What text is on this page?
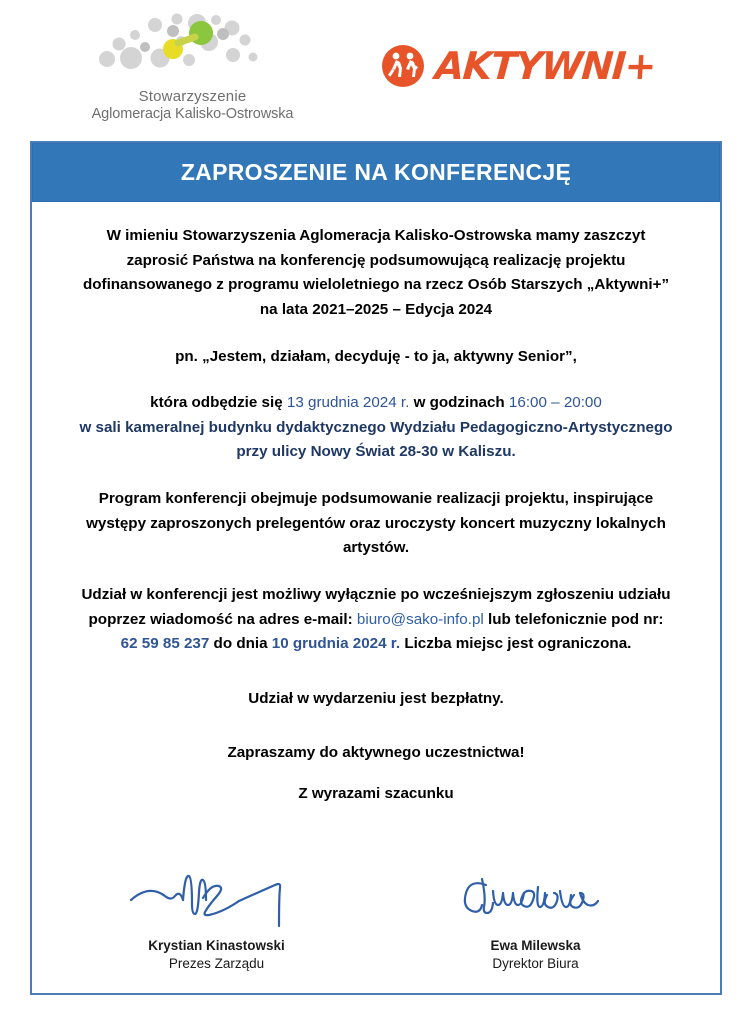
Stowarzyszenie
Aglomeracja Kalisko-Ostrowska
AKTYWNI+
ZAPROSZENIE NA KONFERENCJĘ

W imieniu Stowarzyszenia Aglomeracja Kalisko-Ostrowska mamy zaszczyt
zaprosić Państwa na konferencję podsumowującą realizację projektu
dofinansowanego z programu wieloletniego na rzecz Osób Starszych „Aktywni+”
na lata 2021–2025 – Edycja 2024

pn. „Jestem, działam, decyduję - to ja, aktywny Senior”,

która odbędzie się 13 grudnia 2024 r. w godzinach 16:00 – 20:00
w sali kameralnej budynku dydaktycznego Wydziału Pedagogiczno-Artystycznego
przy ulicy Nowy Świat 28-30 w Kaliszu.

Program konferencji obejmuje podsumowanie realizacji projektu, inspirujące
występy zaproszonych prelegentów oraz uroczysty koncert muzyczny lokalnych
artystów.

Udział w konferencji jest możliwy wyłącznie po wcześniejszym zgłoszeniu udziału
poprzez wiadomość na adres e-mail: biuro@sako-info.pl lub telefonicznie pod nr:
62 59 85 237 do dnia 10 grudnia 2024 r. Liczba miejsc jest ograniczona.

Udział w wydarzeniu jest bezpłatny.

Zapraszamy do aktywnego uczestnictwa!

Z wyrazami szacunku

Krystian Kinastowski
Prezes Zarządu
Ewa Milewska
Dyrektor Biura
